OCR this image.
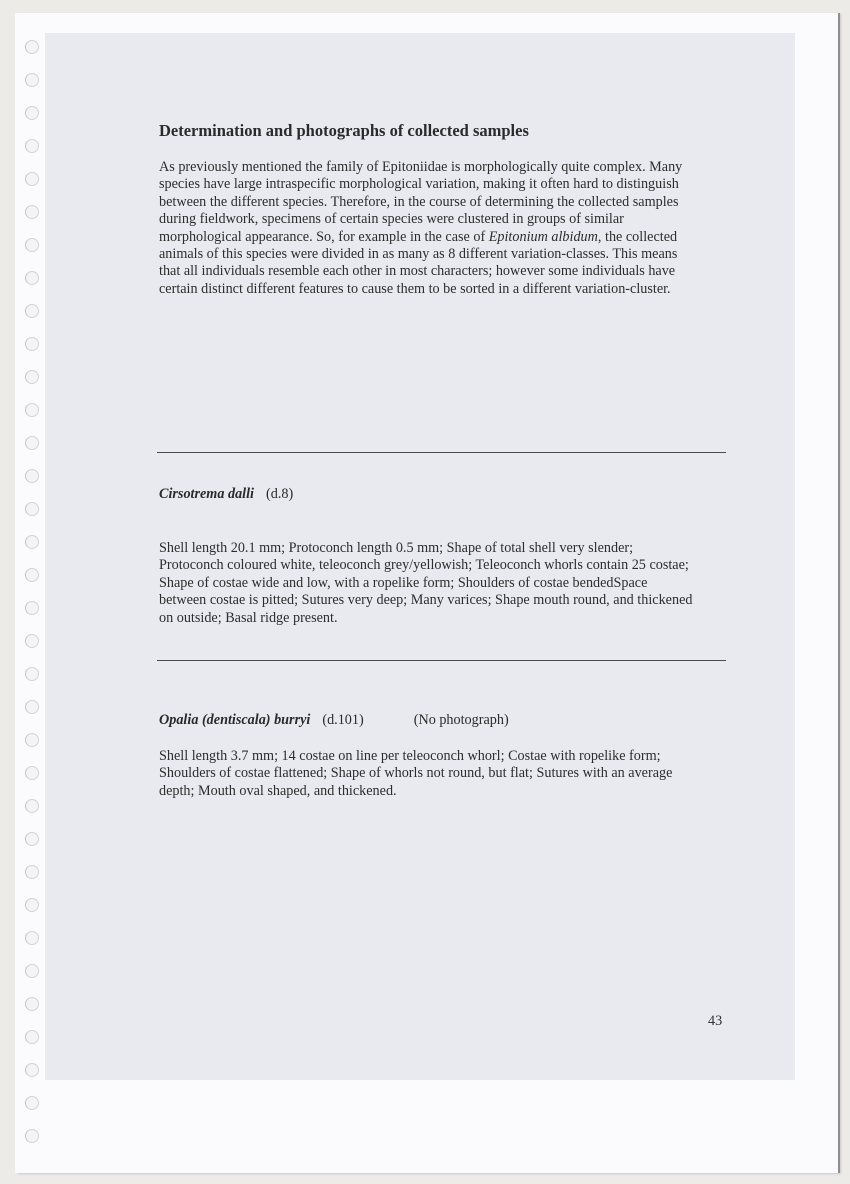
Determination and photographs of collected samples
As previously mentioned the family of Epitoniidae is morphologically quite complex. Many
species have large intraspecific morphological variation, making it often hard to distinguish
between the different species. Therefore, in the course of determining the collected samples
during fieldwork, specimens of certain species were clustered in groups of similar
morphological appearance. So, for example in the case of Epitonium albidum, the collected
animals of this species were divided in as many as 8 different variation-classes. This means
that all individuals resemble each other in most characters; however some individuals have
certain distinct different features to cause them to be sorted in a different variation-cluster.
Cirsotrema dalli (d.8)
Shell length 20.1 mm; Protoconch length 0.5 mm; Shape of total shell very slender;
Protoconch coloured white, teleoconch grey/yellowish; Teleoconch whorls contain 25 costae;
Shape of costae wide and low, with a ropelike form; Shoulders of costae bendedSpace
between costae is pitted; Sutures very deep; Many varices; Shape mouth round, and thickened
on outside; Basal ridge present.
Opalia (dentiscala) burryi (d.101)	(No photograph)
Shell length 3.7 mm; 14 costae on line per teleoconch whorl; Costae with ropelike form;
Shoulders of costae flattened; Shape of whorls not round, but flat; Sutures with an average
depth; Mouth oval shaped, and thickened.
43
